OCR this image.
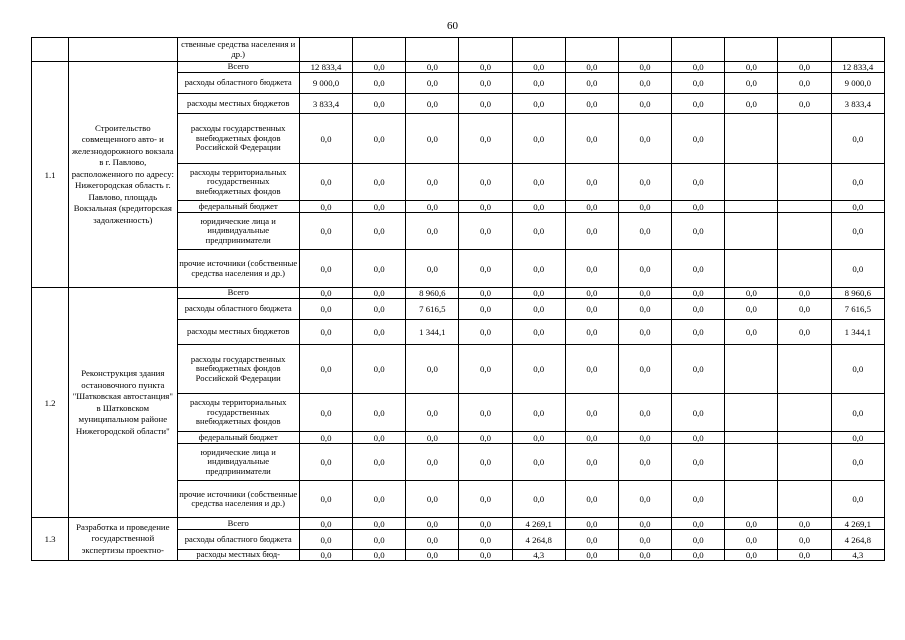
60
		ственные средства населения и др.)											
1.1	Строительство совмещенного авто- и железнодорожного вокзала в г. Павлово, расположенного по адресу: Нижегородская область г. Павлово, площадь Вокзальная (кредиторская задолженность)	Всего	12 833,4	0,0	0,0	0,0	0,0	0,0	0,0	0,0	0,0	0,0	12 833,4
		расходы областного бюджета	9 000,0	0,0	0,0	0,0	0,0	0,0	0,0	0,0	0,0	0,0	9 000,0
		расходы местных бюджетов	3 833,4	0,0	0,0	0,0	0,0	0,0	0,0	0,0	0,0	0,0	3 833,4
		расходы государственных внебюджетных фондов Российской Федерации	0,0	0,0	0,0	0,0	0,0	0,0	0,0	0,0			0,0
		расходы территориальных государственных внебюджетных фондов	0,0	0,0	0,0	0,0	0,0	0,0	0,0	0,0			0,0
		федеральный бюджет	0,0	0,0	0,0	0,0	0,0	0,0	0,0	0,0			0,0
		юридические лица и индивидуальные предприниматели	0,0	0,0	0,0	0,0	0,0	0,0	0,0	0,0			0,0
		прочие источники (собственные средства населения и др.)	0,0	0,0	0,0	0,0	0,0	0,0	0,0	0,0			0,0
1.2	Реконструкция здания остановочного пункта "Шатковская автостанция" в Шатковском муниципальном районе Нижегородской области"	Всего	0,0	0,0	8 960,6	0,0	0,0	0,0	0,0	0,0	0,0	0,0	8 960,6
		расходы областного бюджета	0,0	0,0	7 616,5	0,0	0,0	0,0	0,0	0,0	0,0	0,0	7 616,5
		расходы местных бюджетов	0,0	0,0	1 344,1	0,0	0,0	0,0	0,0	0,0	0,0	0,0	1 344,1
		расходы государственных внебюджетных фондов Российской Федерации	0,0	0,0	0,0	0,0	0,0	0,0	0,0	0,0			0,0
		расходы территориальных государственных внебюджетных фондов	0,0	0,0	0,0	0,0	0,0	0,0	0,0	0,0			0,0
		федеральный бюджет	0,0	0,0	0,0	0,0	0,0	0,0	0,0	0,0			0,0
		юридические лица и индивидуальные предприниматели	0,0	0,0	0,0	0,0	0,0	0,0	0,0	0,0			0,0
		прочие источники (собственные средства населения и др.)	0,0	0,0	0,0	0,0	0,0	0,0	0,0	0,0			0,0
1.3	Разработка и проведение государственной экспертизы проектно-	Всего	0,0	0,0	0,0	0,0	4 269,1	0,0	0,0	0,0	0,0	0,0	4 269,1
		расходы областного бюджета	0,0	0,0	0,0	0,0	4 264,8	0,0	0,0	0,0	0,0	0,0	4 264,8
		расходы местных бюд-	0,0	0,0	0,0	0,0	4,3	0,0	0,0	0,0	0,0	0,0	4,3
